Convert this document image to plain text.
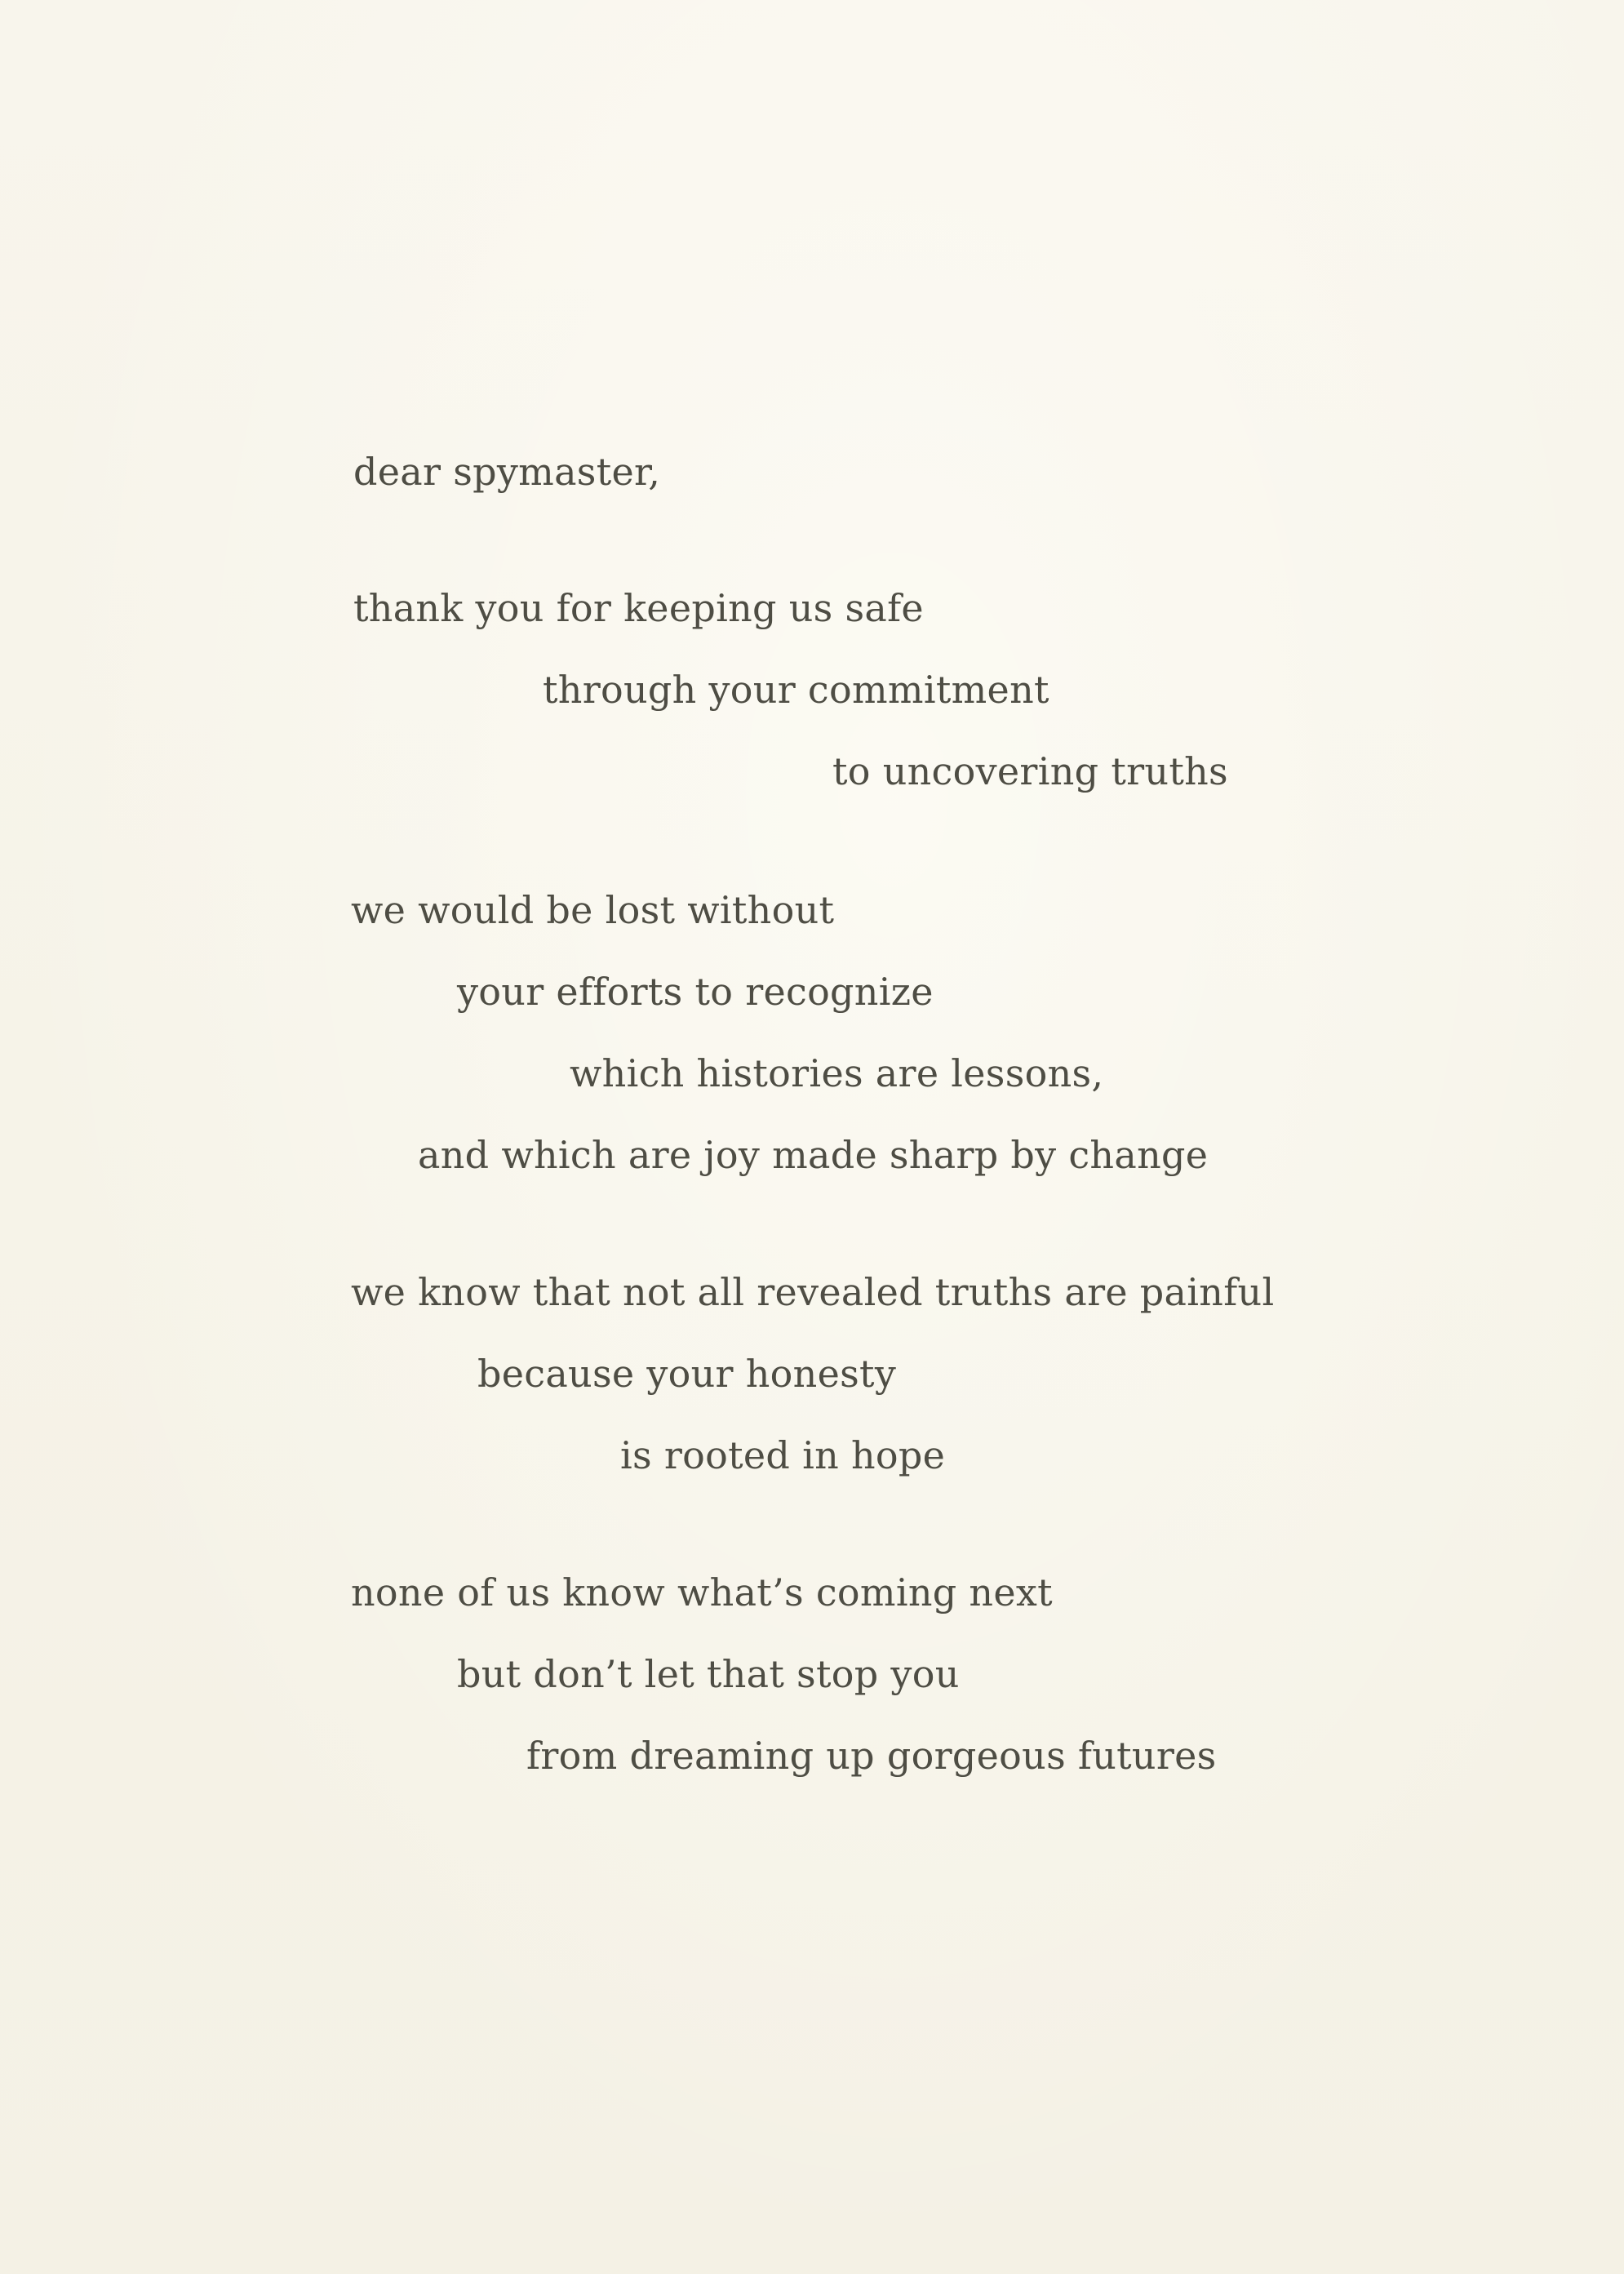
dear spymaster,
thank you for keeping us safe
through your commitment
to uncovering truths
we would be lost without
your efforts to recognize
which histories are lessons,
and which are joy made sharp by change
we know that not all revealed truths are painful
because your honesty
is rooted in hope
none of us know what’s coming next
but don’t let that stop you
from dreaming up gorgeous futures
